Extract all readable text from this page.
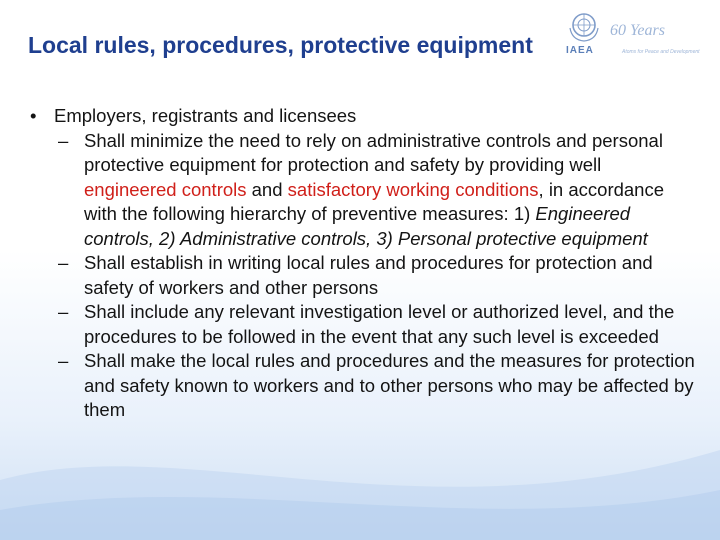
Local rules, procedures, protective equipment	IAEA
60 Years
Atoms for Peace and Development
• Employers, registrants and licensees
– Shall minimize the need to rely on administrative controls and personal protective equipment for protection and safety by providing well engineered controls and satisfactory working conditions, in accordance with the following hierarchy of preventive measures: 1) Engineered controls, 2) Administrative controls, 3) Personal protective equipment
– Shall establish in writing local rules and procedures for protection and safety of workers and other persons
– Shall include any relevant investigation level or authorized level, and the procedures to be followed in the event that any such level is exceeded
– Shall make the local rules and procedures and the measures for protection and safety known to workers and to other persons who may be affected by them
